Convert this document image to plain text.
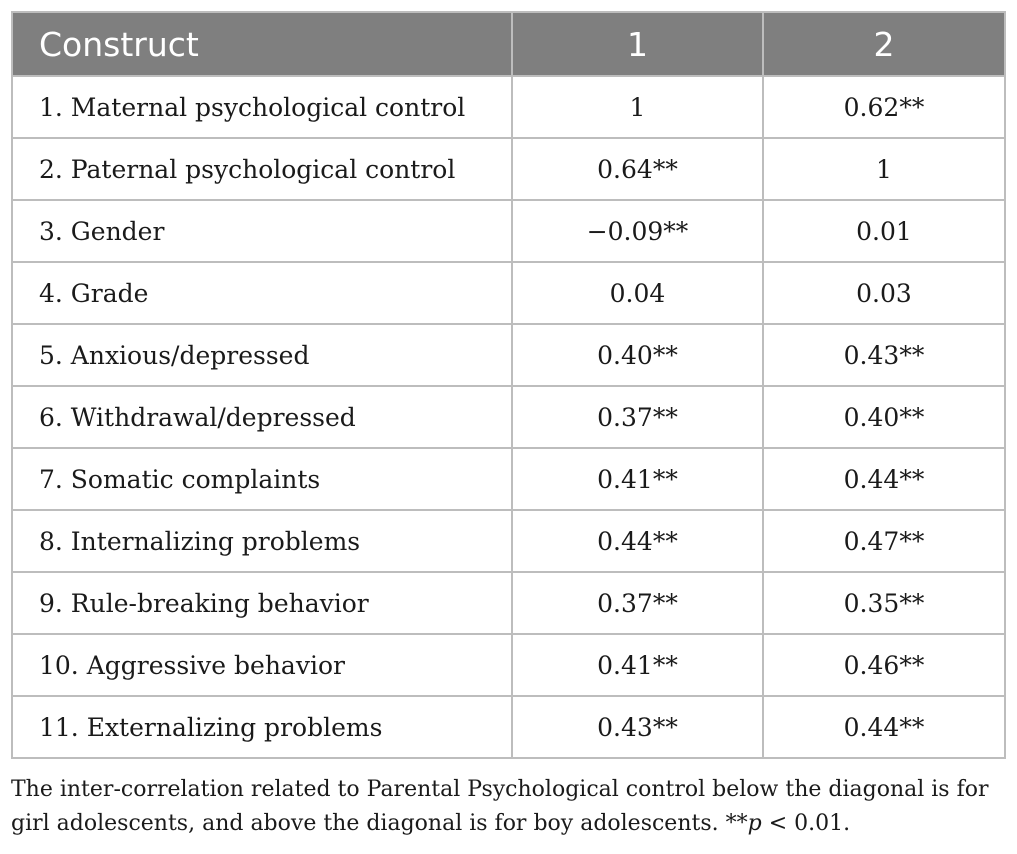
Construct	1	2
1. Maternal psychological control	1	0.62**
2. Paternal psychological control	0.64**	1
3. Gender	−0.09**	0.01
4. Grade	0.04	0.03
5. Anxious/depressed	0.40**	0.43**
6. Withdrawal/depressed	0.37**	0.40**
7. Somatic complaints	0.41**	0.44**
8. Internalizing problems	0.44**	0.47**
9. Rule-breaking behavior	0.37**	0.35**
10. Aggressive behavior	0.41**	0.46**
11. Externalizing problems	0.43**	0.44**
The inter-correlation related to Parental Psychological control below the diagonal is for girl adolescents, and above the diagonal is for boy adolescents. **p < 0.01.
